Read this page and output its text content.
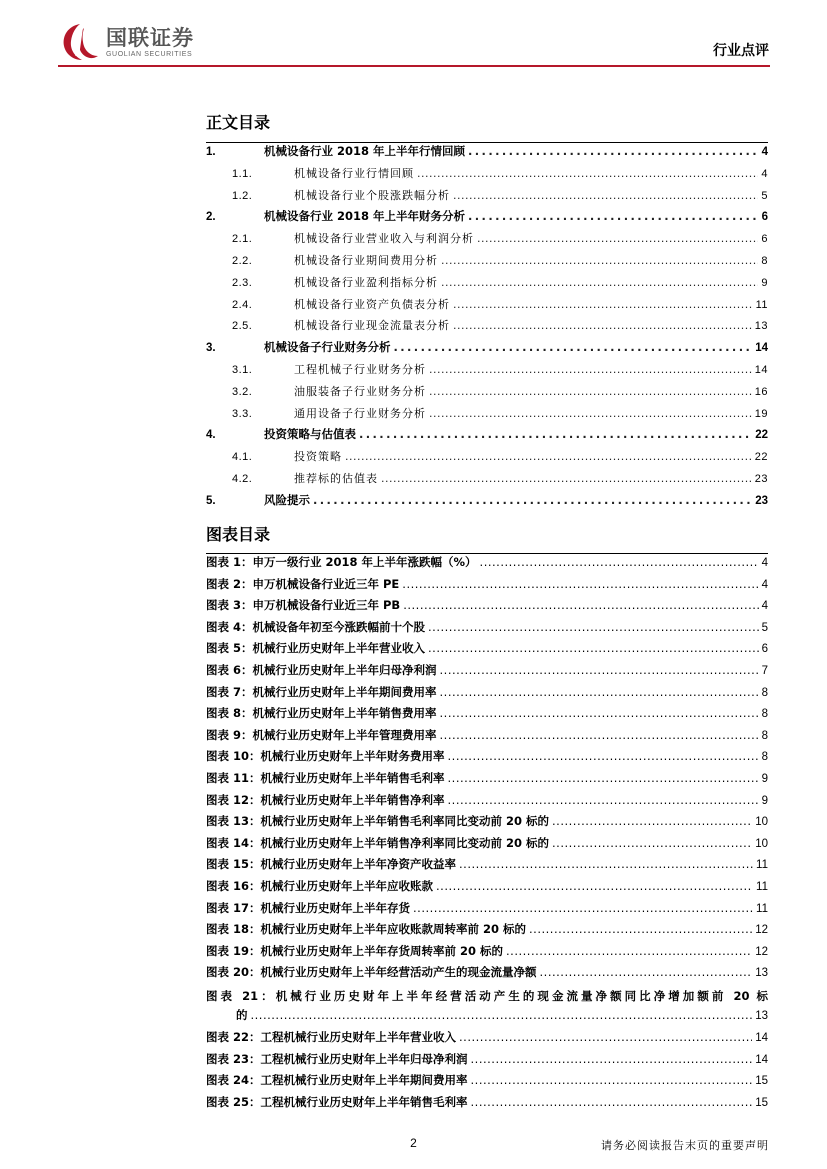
国联证券
GUOLIAN SECURITIES	行业点评
正文目录
1.	机械设备行业 2018 年上半年行情回顾 .....	4
1.1.	机械设备行业行情回顾 .....	4
1.2.	机械设备行业个股涨跌幅分析 .....	5
2.	机械设备行业 2018 年上半年财务分析 .....	6
2.1.	机械设备行业营业收入与利润分析 .....	6
2.2.	机械设备行业期间费用分析 .....	8
2.3.	机械设备行业盈利指标分析 .....	9
2.4.	机械设备行业资产负债表分析 .....	11
2.5.	机械设备行业现金流量表分析 .....	13
3.	机械设备子行业财务分析 .....	14
3.1.	工程机械子行业财务分析 .....	14
3.2.	油服装备子行业财务分析 .....	16
3.3.	通用设备子行业财务分析 .....	19
4.	投资策略与估值表 .....	22
4.1.	投资策略 .....	22
4.2.	推荐标的估值表 .....	23
5.	风险提示 .....	23
图表目录
图表 1：申万一级行业 2018 年上半年涨跌幅（%） .....	4
图表 2：申万机械设备行业近三年 PE .....	4
图表 3：申万机械设备行业近三年 PB .....	4
图表 4：机械设备年初至今涨跌幅前十个股 .....	5
图表 5：机械行业历史财年上半年营业收入 .....	6
图表 6：机械行业历史财年上半年归母净利润 .....	7
图表 7：机械行业历史财年上半年期间费用率 .....	8
图表 8：机械行业历史财年上半年销售费用率 .....	8
图表 9：机械行业历史财年上半年管理费用率 .....	8
图表 10：机械行业历史财年上半年财务费用率 .....	8
图表 11：机械行业历史财年上半年销售毛利率 .....	9
图表 12：机械行业历史财年上半年销售净利率 .....	9
图表 13：机械行业历史财年上半年销售毛利率同比变动前 20 标的 .....	10
图表 14：机械行业历史财年上半年销售净利率同比变动前 20 标的 .....	10
图表 15：机械行业历史财年上半年净资产收益率 .....	11
图表 16：机械行业历史财年上半年应收账款 .....	11
图表 17：机械行业历史财年上半年存货 .....	11
图表 18：机械行业历史财年上半年应收账款周转率前 20 标的 .....	12
图表 19：机械行业历史财年上半年存货周转率前 20 标的 .....	12
图表 20：机械行业历史财年上半年经营活动产生的现金流量净额 .....	13
图表 21：机械行业历史财年上半年经营活动产生的现金流量净额同比净增加额前 20 标
的 .....	13
图表 22：工程机械行业历史财年上半年营业收入 .....	14
图表 23：工程机械行业历史财年上半年归母净利润 .....	14
图表 24：工程机械行业历史财年上半年期间费用率 .....	15
图表 25：工程机械行业历史财年上半年销售毛利率 .....	15
2	请务必阅读报告末页的重要声明
